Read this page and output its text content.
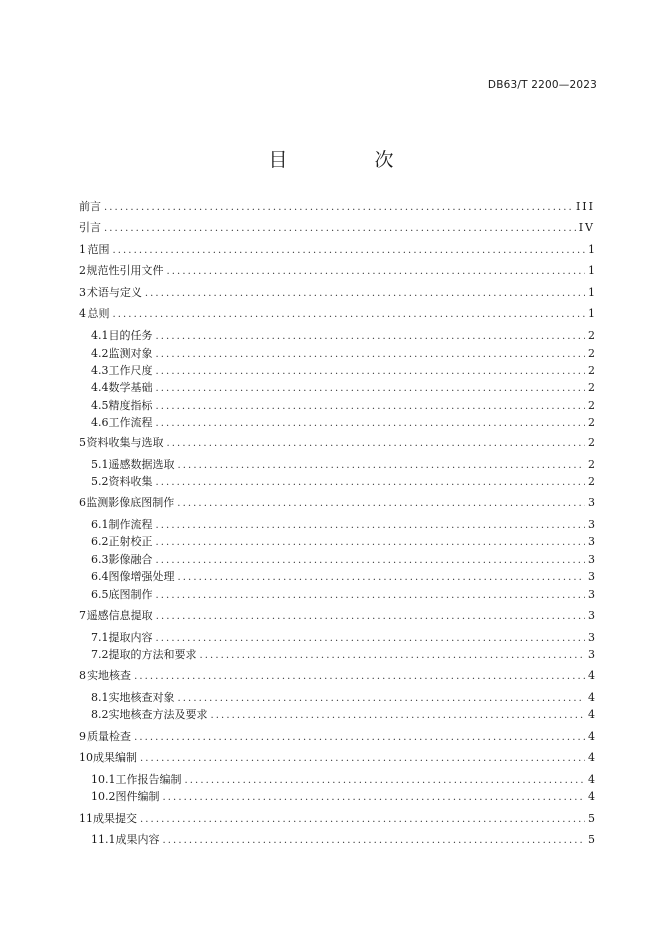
DB63/T 2200—2023
目　次
前言 .....	III
引言 .....	IV
1 范围 .....	1
2 规范性引用文件 .....	1
3 术语与定义 .....	1
4 总则 .....	1
4.1 目的任务 .....	2
4.2 监测对象 .....	2
4.3 工作尺度 .....	2
4.4 数学基础 .....	2
4.5 精度指标 .....	2
4.6 工作流程 .....	2
5 资料收集与选取 .....	2
5.1 遥感数据选取 .....	2
5.2 资料收集 .....	2
6 监测影像底图制作 .....	3
6.1 制作流程 .....	3
6.2 正射校正 .....	3
6.3 影像融合 .....	3
6.4 图像增强处理 .....	3
6.5 底图制作 .....	3
7 遥感信息提取 .....	3
7.1 提取内容 .....	3
7.2 提取的方法和要求 .....	3
8 实地核查 .....	4
8.1 实地核查对象 .....	4
8.2 实地核查方法及要求 .....	4
9 质量检查 .....	4
10 成果编制 .....	4
10.1 工作报告编制 .....	4
10.2 图件编制 .....	4
11 成果提交 .....	5
11.1 成果内容 .....	5
